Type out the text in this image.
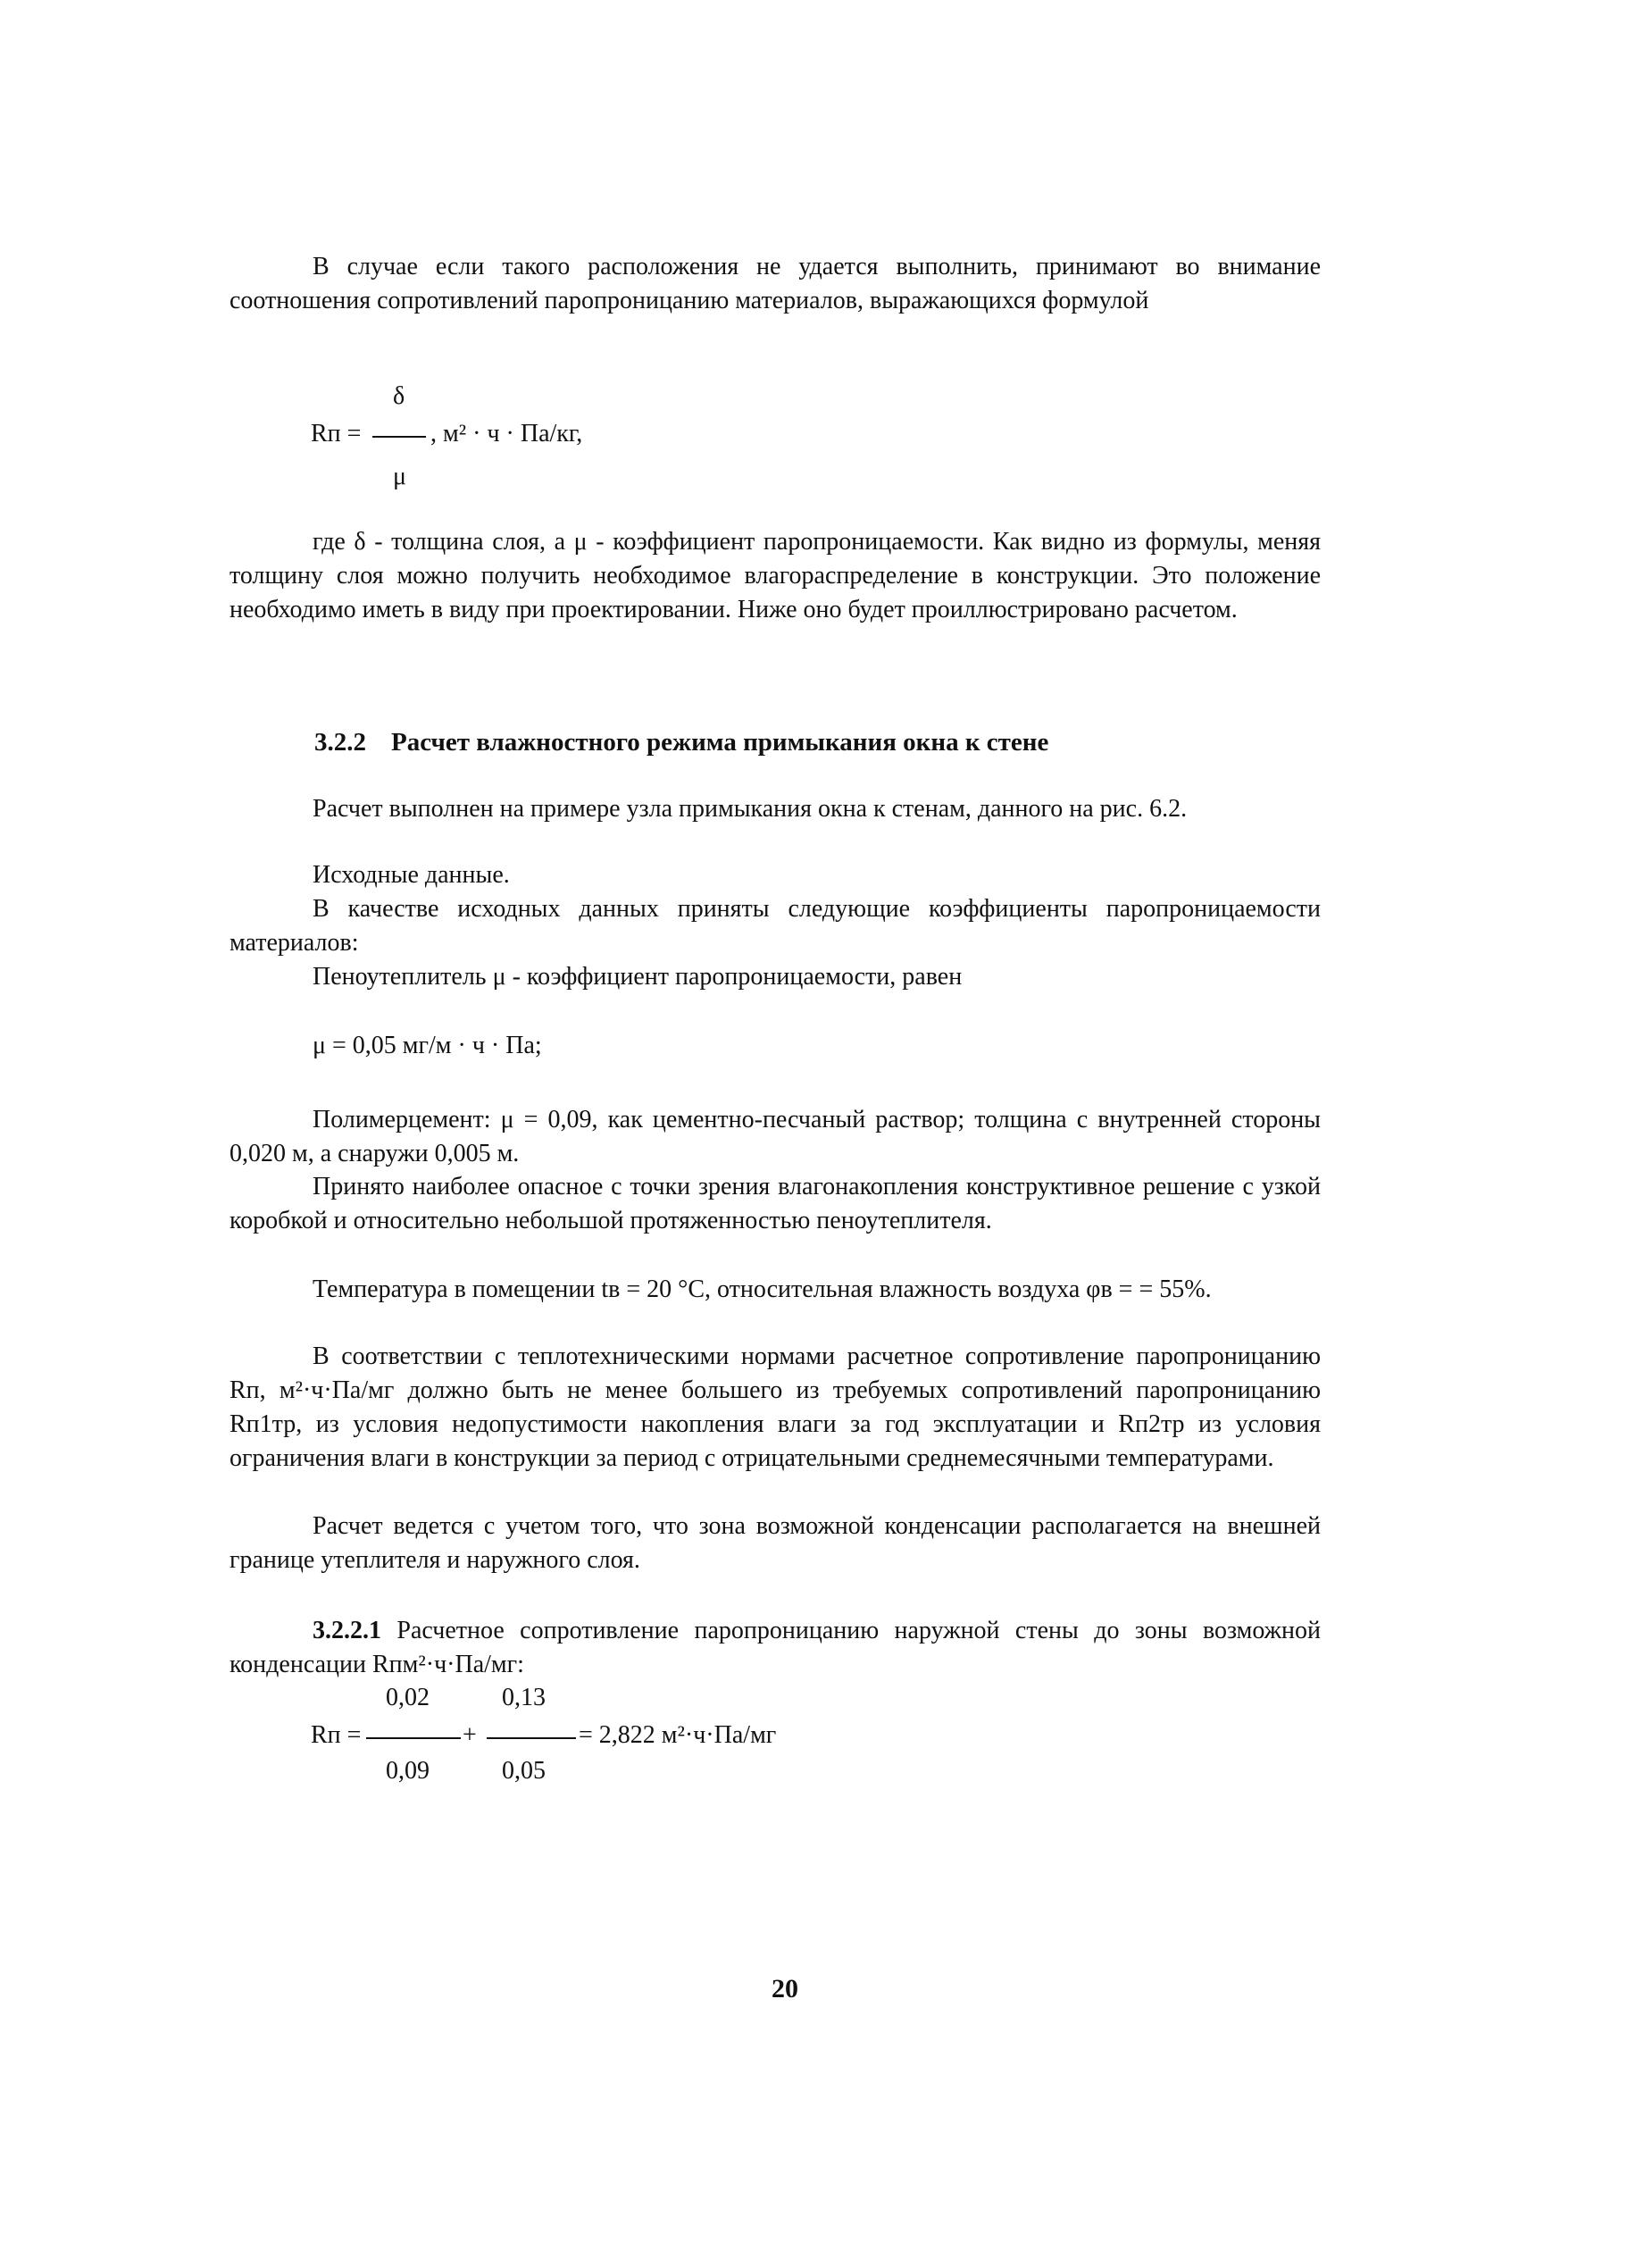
В случае если такого расположения не удается выполнить, принимают во внимание соотношения сопротивлений паропроницанию материалов, выражающихся формулой

δ
Rп =	, м² · ч · Па/кг,
μ

где δ - толщина слоя, а μ - коэффициент паропроницаемости. Как видно из формулы, меняя толщину слоя можно получить необходимое влагораспределение в конструкции. Это положение необходимо иметь в виду при проектировании. Ниже оно будет проиллюстрировано расчетом.

3.2.2 Расчет влажностного режима примыкания окна к стене

Расчет выполнен на примере узла примыкания окна к стенам, данного на рис. 6.2.

Исходные данные.

В качестве исходных данных приняты следующие коэффициенты паропроницаемости материалов:

Пеноутеплитель μ - коэффициент паропроницаемости, равен

μ = 0,05 мг/м · ч · Па;

Полимерцемент: μ = 0,09, как цементно-песчаный раствор; толщина с внутренней стороны 0,020 м, а снаружи 0,005 м.

Принято наиболее опасное с точки зрения влагонакопления конструктивное решение с узкой коробкой и относительно небольшой протяженностью пеноутеплителя.

Температура в помещении tв = 20 °С, относительная влажность воздуха φв = = 55%.

В соответствии с теплотехническими нормами расчетное сопротивление паропроницанию Rп, м²·ч·Па/мг должно быть не менее большего из требуемых сопротивлений паропроницанию Rп1тр, из условия недопустимости накопления влаги за год эксплуатации и Rп2тр из условия ограничения влаги в конструкции за период с отрицательными среднемесячными температурами.

Расчет ведется с учетом того, что зона возможной конденсации располагается на внешней границе утеплителя и наружного слоя.

3.2.2.1 Расчетное сопротивление паропроницанию наружной стены до зоны возможной конденсации Rпм²·ч·Па/мг:

0,02	0,13
Rп =	+	= 2,822 м²·ч·Па/мг
0,09	0,05
20
